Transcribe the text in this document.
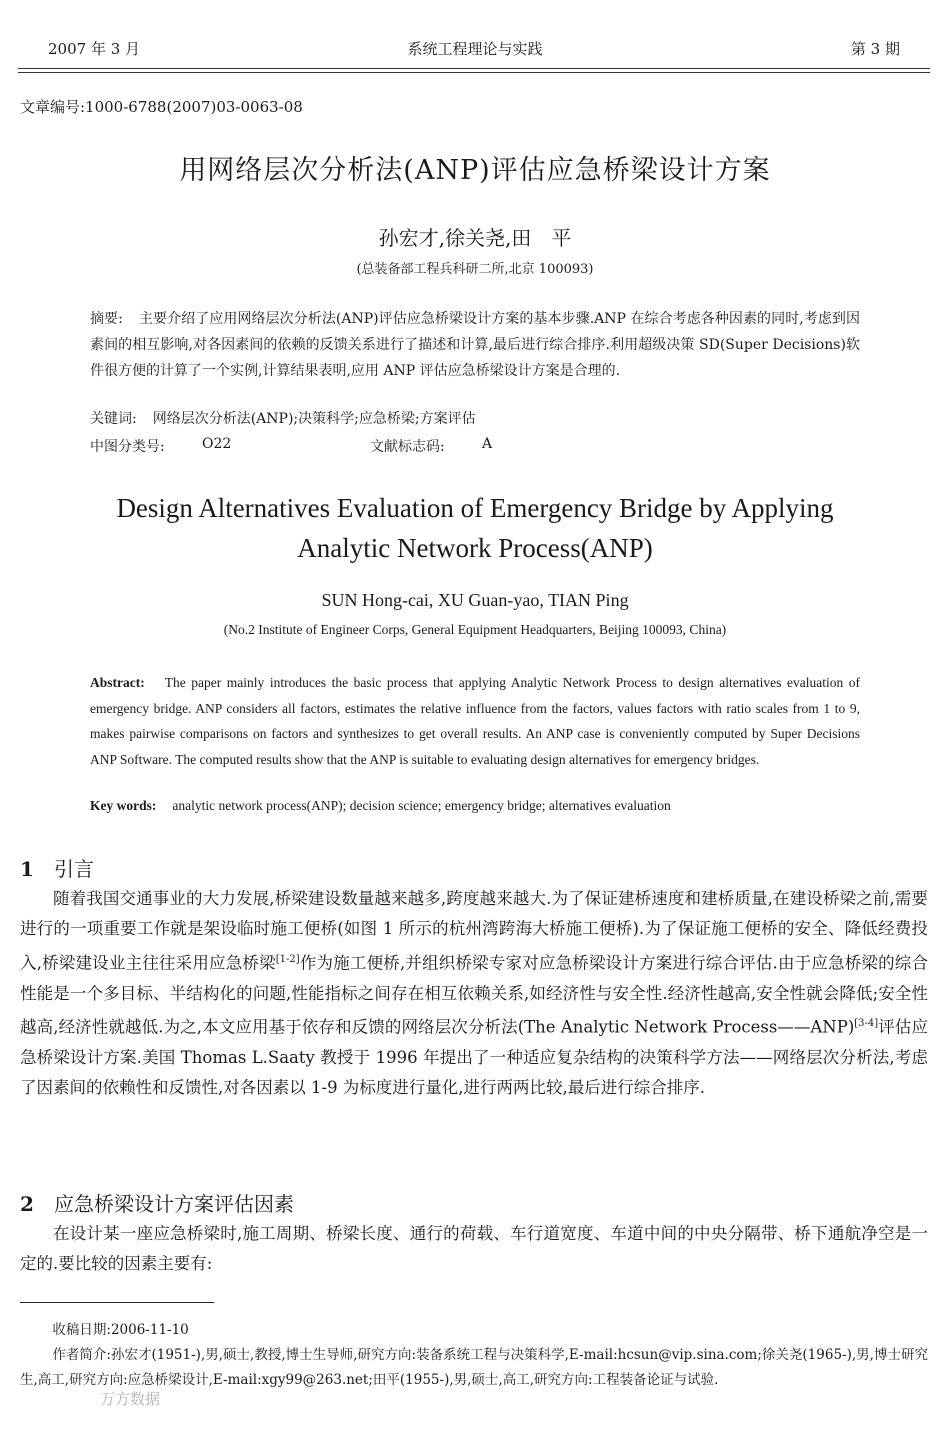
2007 年 3 月	系统工程理论与实践	第 3 期
文章编号:1000-6788(2007)03-0063-08
用网络层次分析法(ANP)评估应急桥梁设计方案
孙宏才,徐关尧,田　平
(总装备部工程兵科研二所,北京 100093)
摘要: 主要介绍了应用网络层次分析法(ANP)评估应急桥梁设计方案的基本步骤.ANP 在综合考虑各种因素的同时,考虑到因素间的相互影响,对各因素间的依赖的反馈关系进行了描述和计算,最后进行综合排序.利用超级决策 SD(Super Decisions)软件很方便的计算了一个实例,计算结果表明,应用 ANP 评估应急桥梁设计方案是合理的.
关键词: 网络层次分析法(ANP);决策科学;应急桥梁;方案评估
中图分类号:	O22	文献标志码:	A
Design Alternatives Evaluation of Emergency Bridge by Applying
Analytic Network Process(ANP)
SUN Hong-cai, XU Guan-yao, TIAN Ping
(No.2 Institute of Engineer Corps, General Equipment Headquarters, Beijing 100093, China)
Abstract: The paper mainly introduces the basic process that applying Analytic Network Process to design alternatives evaluation of emergency bridge. ANP considers all factors, estimates the relative influence from the factors, values factors with ratio scales from 1 to 9, makes pairwise comparisons on factors and synthesizes to get overall results. An ANP case is conveniently computed by Super Decisions ANP Software. The computed results show that the ANP is suitable to evaluating design alternatives for emergency bridges.
Key words: analytic network process(ANP); decision science; emergency bridge; alternatives evaluation
1 引言
随着我国交通事业的大力发展,桥梁建设数量越来越多,跨度越来越大.为了保证建桥速度和建桥质量,在建设桥梁之前,需要进行的一项重要工作就是架设临时施工便桥(如图 1 所示的杭州湾跨海大桥施工便桥).为了保证施工便桥的安全、降低经费投入,桥梁建设业主往往采用应急桥梁[1-2]作为施工便桥,并组织桥梁专家对应急桥梁设计方案进行综合评估.由于应急桥梁的综合性能是一个多目标、半结构化的问题,性能指标之间存在相互依赖关系,如经济性与安全性.经济性越高,安全性就会降低;安全性越高,经济性就越低.为之,本文应用基于依存和反馈的网络层次分析法(The Analytic Network Process——ANP)[3-4]评估应急桥梁设计方案.美国 Thomas L.Saaty 教授于 1996 年提出了一种适应复杂结构的决策科学方法——网络层次分析法,考虑了因素间的依赖性和反馈性,对各因素以 1-9 为标度进行量化,进行两两比较,最后进行综合排序.
2 应急桥梁设计方案评估因素
在设计某一座应急桥梁时,施工周期、桥梁长度、通行的荷载、车行道宽度、车道中间的中央分隔带、桥下通航净空是一定的.要比较的因素主要有:
收稿日期:2006-11-10
作者简介:孙宏才(1951-),男,硕士,教授,博士生导师,研究方向:装备系统工程与决策科学,E-mail:hcsun@vip.sina.com;徐关尧(1965-),男,博士研究生,高工,研究方向:应急桥梁设计,E-mail:xgy99@263.net;田平(1955-),男,硕士,高工,研究方向:工程装备论证与试验.
万方数据
